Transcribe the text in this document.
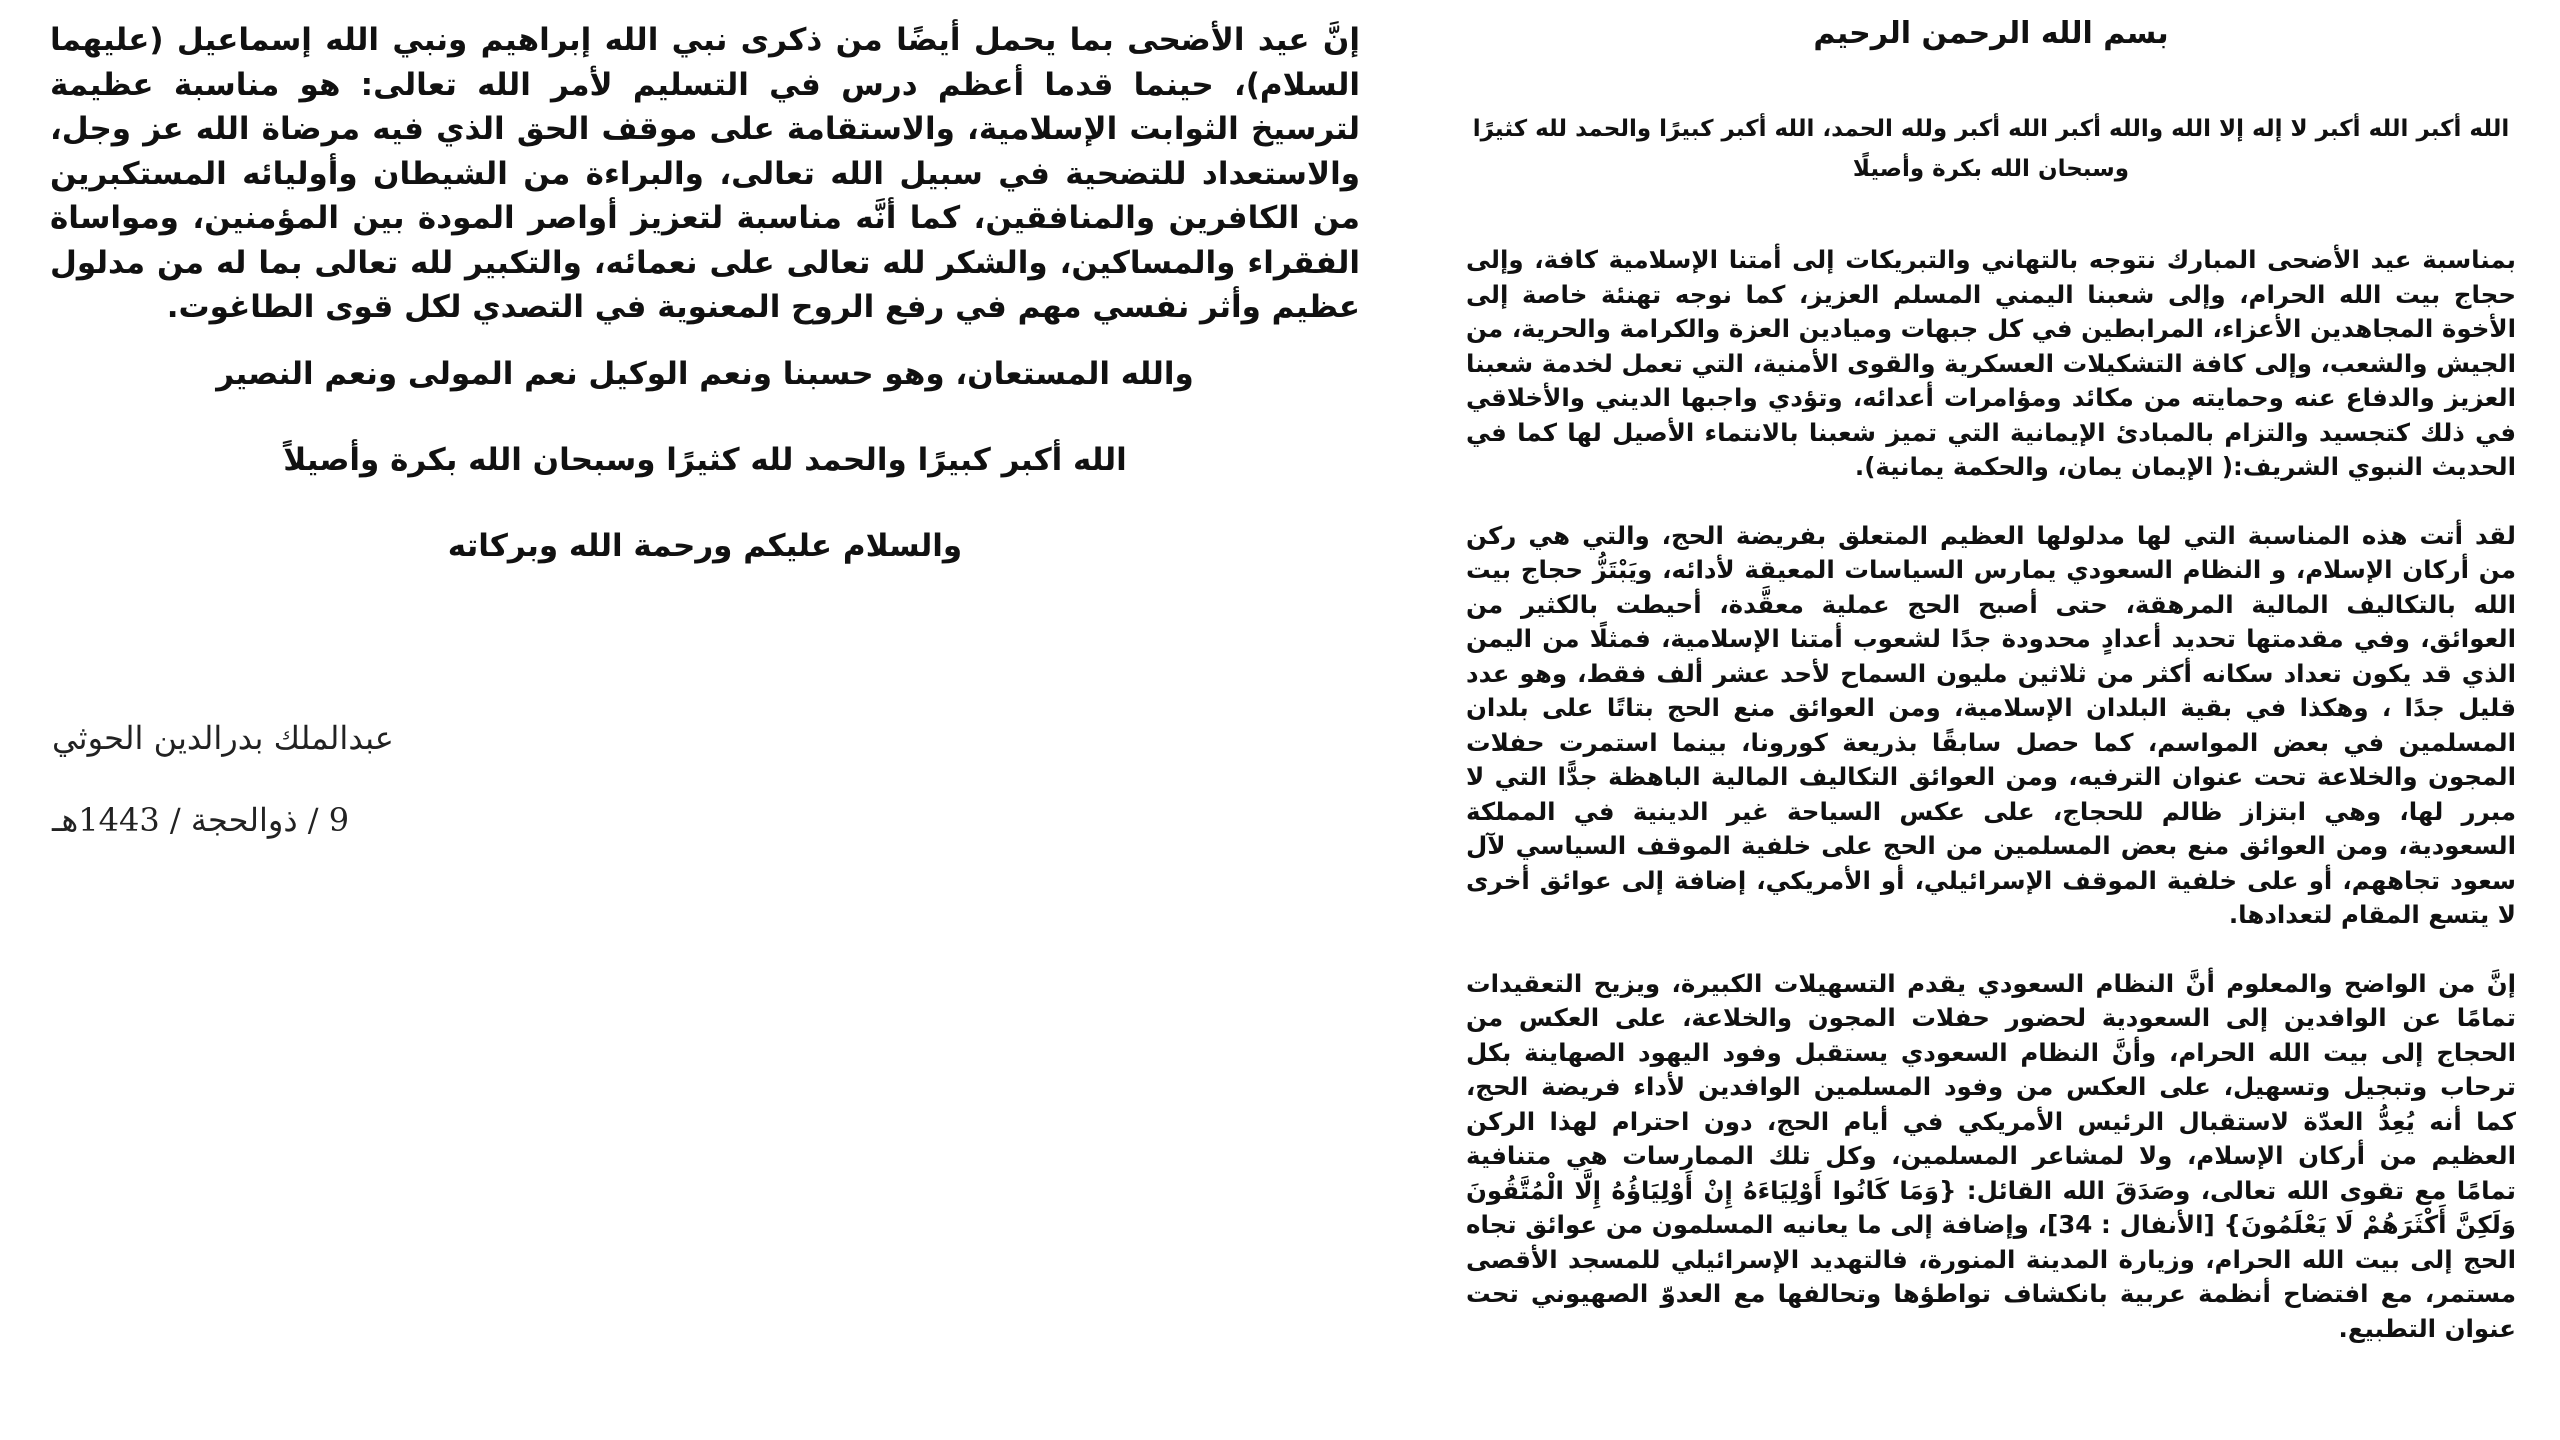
بسم الله الرحمن الرحيم
الله أكبر الله أكبر لا إله إلا الله والله أكبر الله أكبر ولله الحمد، الله أكبر كبيرًا والحمد لله كثيرًا وسبحان الله بكرة وأصيلًا

بمناسبة عيد الأضحى المبارك نتوجه بالتهاني والتبريكات إلى أمتنا الإسلامية كافة، وإلى حجاج بيت الله الحرام، وإلى شعبنا اليمني المسلم العزيز، كما نوجه تهنئة خاصة إلى الأخوة المجاهدين الأعزاء، المرابطين في كل جبهات وميادين العزة والكرامة والحرية، من الجيش والشعب، وإلى كافة التشكيلات العسكرية والقوى الأمنية، التي تعمل لخدمة شعبنا العزيز والدفاع عنه وحمايته من مكائد ومؤامرات أعدائه، وتؤدي واجبها الديني والأخلاقي في ذلك كتجسيد والتزام بالمبادئ الإيمانية التي تميز شعبنا بالانتماء الأصيل لها كما في الحديث النبوي الشريف:( الإيمان يمان، والحكمة يمانية).

لقد أتت هذه المناسبة التي لها مدلولها العظيم المتعلق بفريضة الحج، والتي هي ركن من أركان الإسلام، و النظام السعودي يمارس السياسات المعيقة لأدائه، ويَبْتَزُّ حجاج بيت الله بالتكاليف المالية المرهقة، حتى أصبح الحج عملية معقَّدة، أحيطت بالكثير من العوائق، وفي مقدمتها تحديد أعدادٍ محدودة جدًا لشعوب أمتنا الإسلامية، فمثلًا من اليمن الذي قد يكون تعداد سكانه أكثر من ثلاثين مليون السماح لأحد عشر ألف فقط، وهو عدد قليل جدًا ، وهكذا في بقية البلدان الإسلامية، ومن العوائق منع الحج بتاتًا على بلدان المسلمين في بعض المواسم، كما حصل سابقًا بذريعة كورونا، بينما استمرت حفلات المجون والخلاعة تحت عنوان الترفيه، ومن العوائق التكاليف المالية الباهظة جدًّا التي لا مبرر لها، وهي ابتزاز ظالم للحجاج، على عكس السياحة غير الدينية في المملكة السعودية، ومن العوائق منع بعض المسلمين من الحج على خلفية الموقف السياسي لآل سعود تجاههم، أو على خلفية الموقف الإسرائيلي، أو الأمريكي، إضافة إلى عوائق أخرى لا يتسع المقام لتعدادها.

إنَّ من الواضح والمعلوم أنَّ النظام السعودي يقدم التسهيلات الكبيرة، ويزيح التعقيدات تمامًا عن الوافدين إلى السعودية لحضور حفلات المجون والخلاعة، على العكس من الحجاج إلى بيت الله الحرام، وأنَّ النظام السعودي يستقبل وفود اليهود الصهاينة بكل ترحاب وتبجيل وتسهيل، على العكس من وفود المسلمين الوافدين لأداء فريضة الحج، كما أنه يُعِدُّ العدّة لاستقبال الرئيس الأمريكي في أيام الحج، دون احترام لهذا الركن العظيم من أركان الإسلام، ولا لمشاعر المسلمين، وكل تلك الممارسات هي متنافية تمامًا مع تقوى الله تعالى، وصَدَقَ الله القائل: {وَمَا كَانُوا أَوْلِيَاءَهُ إِنْ أَوْلِيَاؤُهُ إِلَّا الْمُتَّقُونَ وَلَكِنَّ أَكْثَرَهُمْ لَا يَعْلَمُونَ} [الأنفال : 34]، وإضافة إلى ما يعانيه المسلمون من عوائق تجاه الحج إلى بيت الله الحرام، وزيارة المدينة المنورة، فالتهديد الإسرائيلي للمسجد الأقصى مستمر، مع افتضاح أنظمة عربية بانكشاف تواطؤها وتحالفها مع العدوّ الصهيوني تحت عنوان التطبيع.

إنَّ عيد الأضحى بما يحمل أيضًا من ذكرى نبي الله إبراهيم ونبي الله إسماعيل (عليهما السلام)، حينما قدما أعظم درس في التسليم لأمر الله تعالى: هو مناسبة عظيمة لترسيخ الثوابت الإسلامية، والاستقامة على موقف الحق الذي فيه مرضاة الله عز وجل، والاستعداد للتضحية في سبيل الله تعالى، والبراءة من الشيطان وأوليائه المستكبرين من الكافرين والمنافقين، كما أنَّه مناسبة لتعزيز أواصر المودة بين المؤمنين، ومواساة الفقراء والمساكين، والشكر لله تعالى على نعمائه، والتكبير لله تعالى بما له من مدلول عظيم وأثر نفسي مهم في رفع الروح المعنوية في التصدي لكل قوى الطاغوت.

والله المستعان، وهو حسبنا ونعم الوكيل نعم المولى ونعم النصير
الله أكبر كبيرًا والحمد لله كثيرًا وسبحان الله بكرة وأصيلاً
والسلام عليكم ورحمة الله وبركاته
عبدالملك بدرالدين الحوثي
9 / ذوالحجة / 1443هـ
